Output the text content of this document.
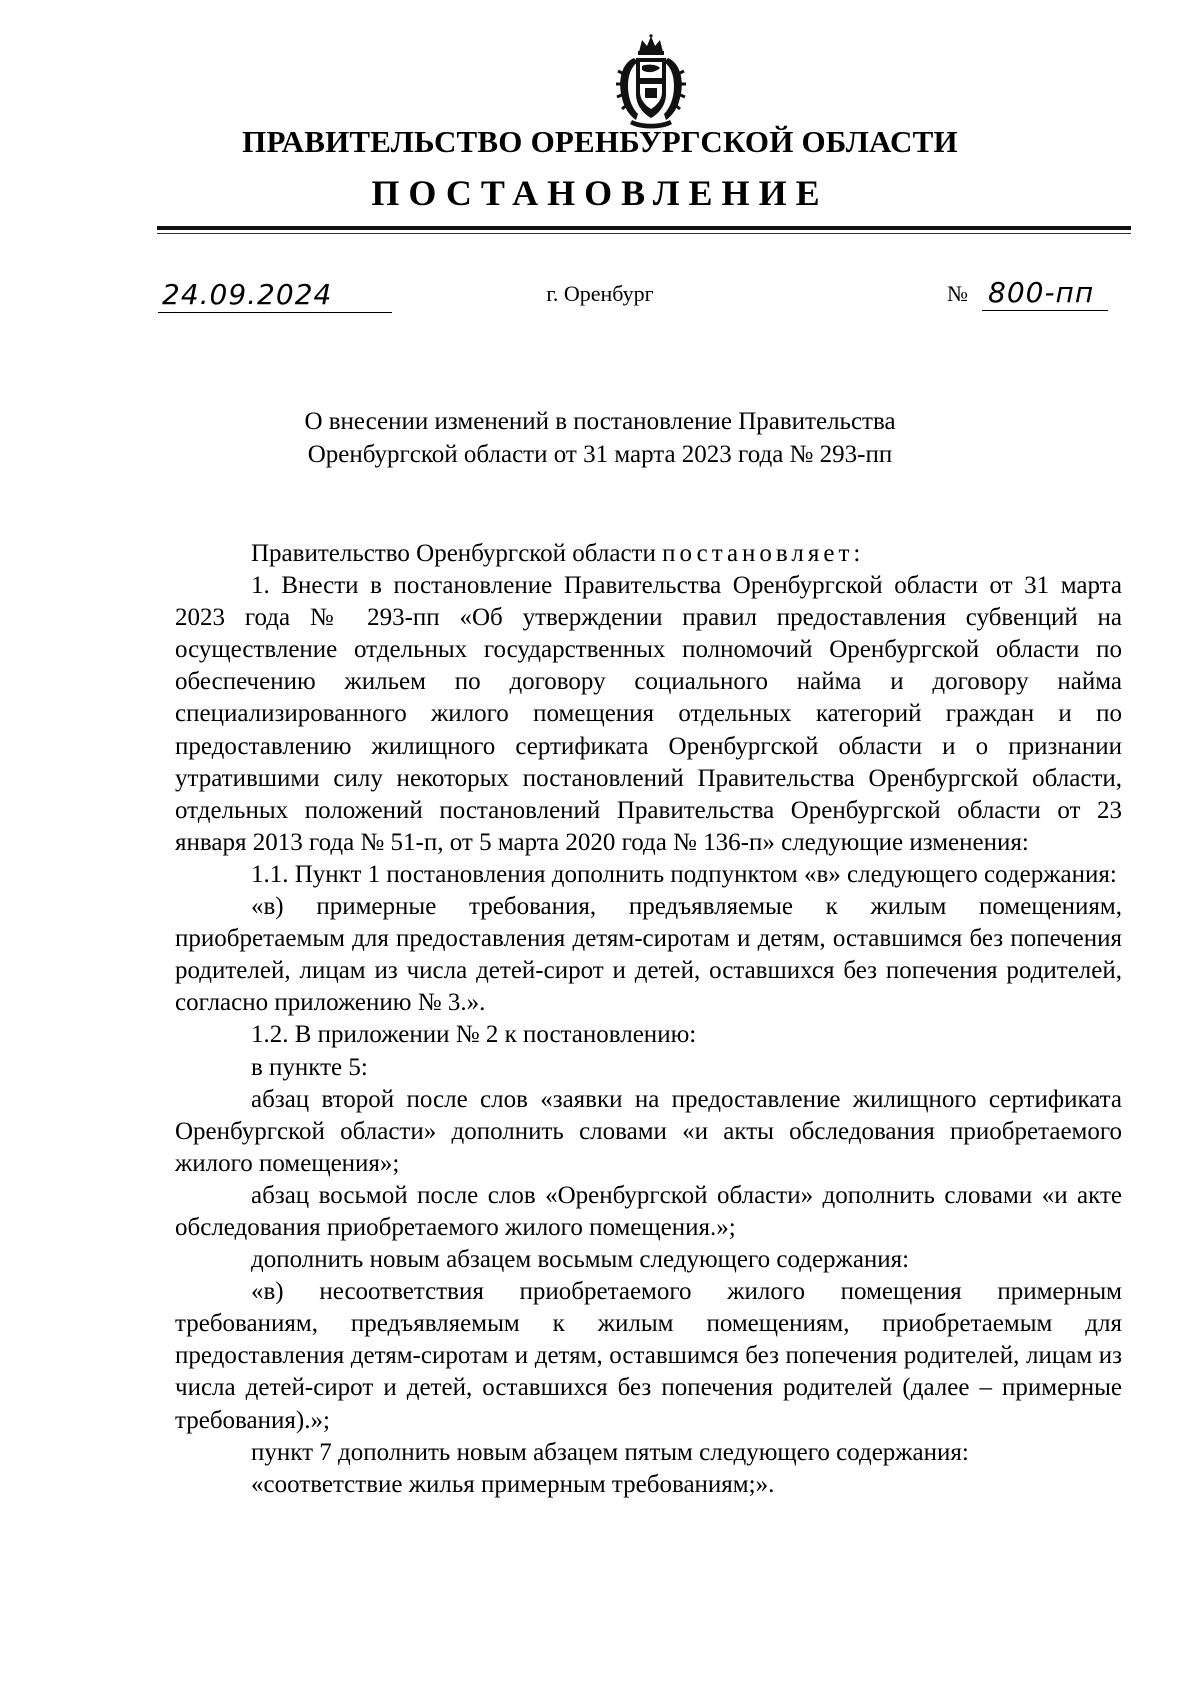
ПРАВИТЕЛЬСТВО ОРЕНБУРГСКОЙ ОБЛАСТИ
ПОСТАНОВЛЕНИЕ
24.09.2024	г. Оренбург	№ 800-пп
О внесении изменений в постановление Правительства
Оренбургской области от 31 марта 2023 года № 293-пп

Правительство Оренбургской области постановляет:

1. Внести в постановление Правительства Оренбургской области от 31 марта 2023 года № 293-пп «Об утверждении правил предоставления субвенций на осуществление отдельных государственных полномочий Оренбургской области по обеспечению жильем по договору социального найма и договору найма специализированного жилого помещения отдельных категорий граждан и по предоставлению жилищного сертификата Оренбургской области и о признании утратившими силу некоторых постановлений Правительства Оренбургской области, отдельных положений постановлений Правительства Оренбургской области от 23 января 2013 года № 51-п, от 5 марта 2020 года № 136-п» следующие изменения:

1.1. Пункт 1 постановления дополнить подпунктом «в» следующего содержания:

«в) примерные требования, предъявляемые к жилым помещениям, приобретаемым для предоставления детям-сиротам и детям, оставшимся без попечения родителей, лицам из числа детей-сирот и детей, оставшихся без попечения родителей, согласно приложению № 3.».

1.2. В приложении № 2 к постановлению:

в пункте 5:

абзац второй после слов «заявки на предоставление жилищного сертификата Оренбургской области» дополнить словами «и акты обследования приобретаемого жилого помещения»;

абзац восьмой после слов «Оренбургской области» дополнить словами «и акте обследования приобретаемого жилого помещения.»;

дополнить новым абзацем восьмым следующего содержания:

«в) несоответствия приобретаемого жилого помещения примерным требованиям, предъявляемым к жилым помещениям, приобретаемым для предоставления детям-сиротам и детям, оставшимся без попечения родителей, лицам из числа детей-сирот и детей, оставшихся без попечения родителей (далее – примерные требования).»;

пункт 7 дополнить новым абзацем пятым следующего содержания:

«соответствие жилья примерным требованиям;».
